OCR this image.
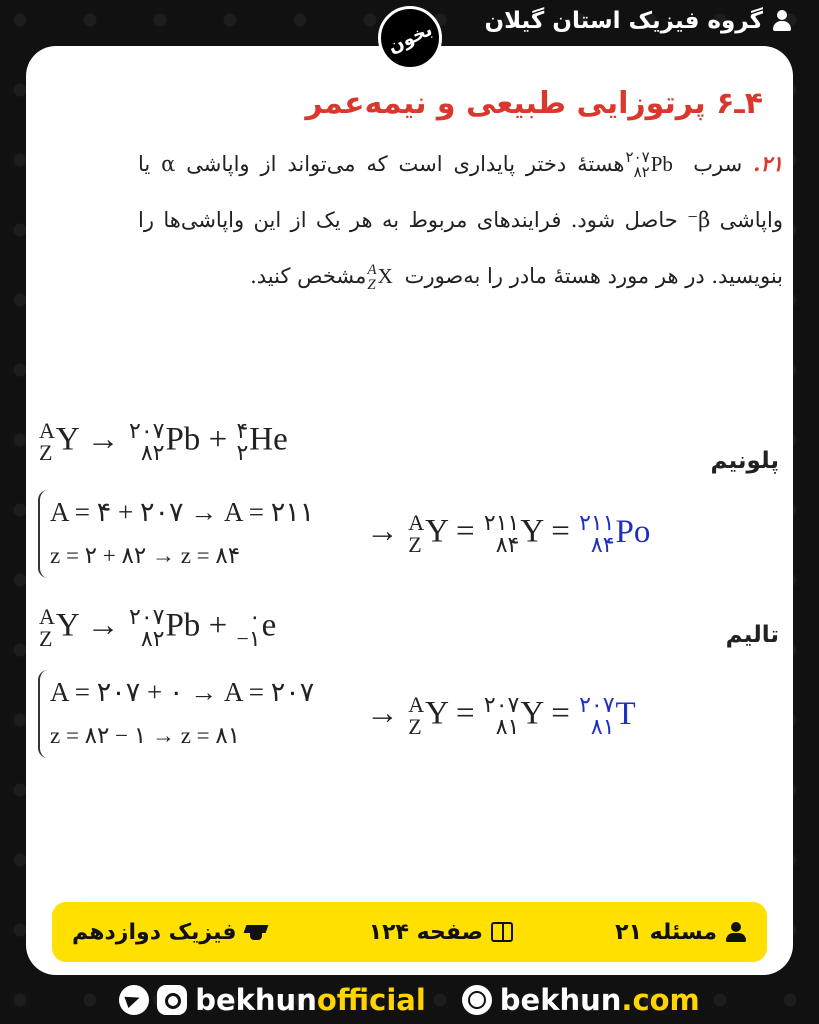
گروه فیزیک استان گیلان
بخون
۴ـ۶ پرتوزایی طبیعی و نیمه‌عمر
۲۱. سرب
۲۰۷
۸۲ Pb هستهٔ دختر پایداری است که می‌تواند از واپاشی α یا واپاشی β⁻ حاصل شود. فرایندهای مربوط به هر یک از این واپاشی‌ها را بنویسید. در هر مورد هستهٔ مادر را به‌صورت
A
Z X مشخص کنید.
پلونیم
A
Z Y → ۲۰۷
۸۲ Pb + ۴
۲ He
A = ۴ + ۲۰۷ → A = ۲۱۱
z = ۲ + ۸۲ → z = ۸۴
→ A
Z Y = ۲۱۱
۸۴ Y = ۲۱۱
۸۴ Po
تالیم
A
Z Y → ۲۰۷
۸۲ Pb + ۰
−۱ e
A = ۲۰۷ + ۰ → A = ۲۰۷
z = ۸۲ − ۱ → z = ۸۱
→ A
Z Y = ۲۰۷
۸۱ Y = ۲۰۷
۸۱ T
مسئله ۲۱
صفحه ۱۲۴
فیزیک دوازدهم
bekhunofficial	bekhun.com
